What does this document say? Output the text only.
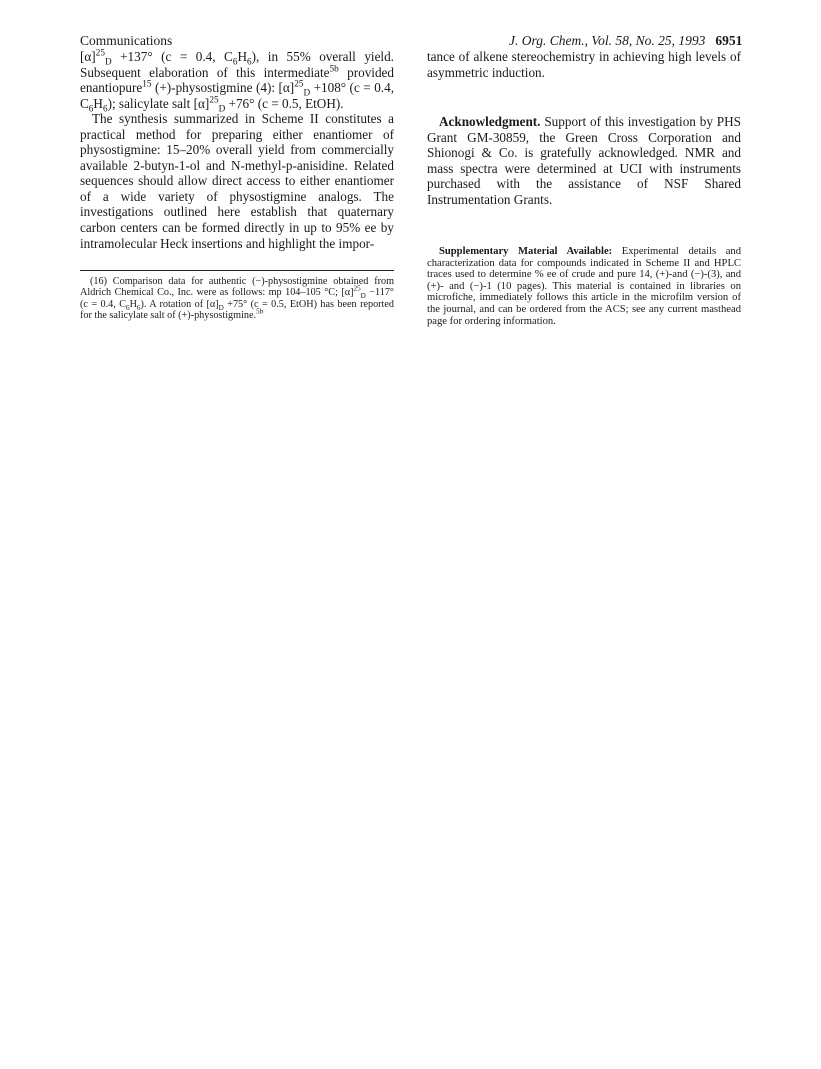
Communications	J. Org. Chem., Vol. 58, No. 25, 1993 6951

$[\alpha]^{25}_D +137^\circ$ (c = 0.4, $C_6H_6$), in 55% overall yield. Subsequent elaboration of this intermediate$^{5b}$ provided enantiopure$^{15}$ (+)-physostigmine (4): $[\alpha]^{25}_D +108^\circ$ (c = 0.4, $C_6H_6$); salicylate salt $[\alpha]^{25}_D +76^\circ$ (c = 0.5, EtOH).

The synthesis summarized in Scheme II constitutes a practical method for preparing either enantiomer of physostigmine: 15–20% overall yield from commercially available 2-butyn-1-ol and N-methyl-p-anisidine. Related sequences should allow direct access to either enantiomer of a wide variety of physostigmine analogs. The investigations outlined here establish that quaternary carbon centers can be formed directly in up to 95% ee by intramolecular Heck insertions and highlight the impor-

(16) Comparison data for authentic (−)-physostigmine obtained from Aldrich Chemical Co., Inc. were as follows: mp 104–105 °C; $[\alpha]^{25}_D -117^\circ$ (c = 0.4, $C_6H_6$). A rotation of $[\alpha]_D +75^\circ$ (c = 0.5, EtOH) has been reported for the salicylate salt of (+)-physostigmine.$^{5b}$

tance of alkene stereochemistry in achieving high levels of asymmetric induction.

Acknowledgment. Support of this investigation by PHS Grant GM-30859, the Green Cross Corporation and Shionogi & Co. is gratefully acknowledged. NMR and mass spectra were determined at UCI with instruments purchased with the assistance of NSF Shared Instrumentation Grants.

Supplementary Material Available: Experimental details and characterization data for compounds indicated in Scheme II and HPLC traces used to determine % ee of crude and pure 14, (+)-and (−)-(3), and (+)- and (−)-1 (10 pages). This material is contained in libraries on microfiche, immediately follows this article in the microfilm version of the journal, and can be ordered from the ACS; see any current masthead page for ordering information.
